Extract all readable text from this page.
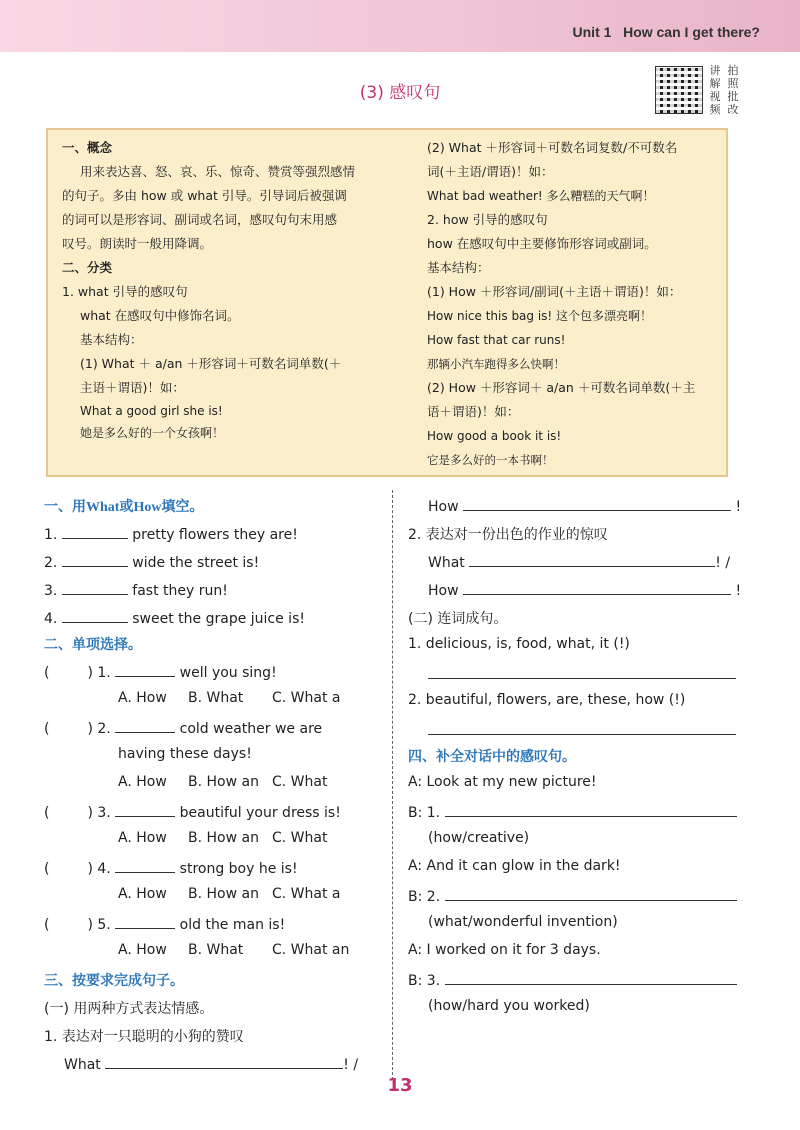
Unit 1 How can I get there?
(3) 感叹句
讲 拍
解 照
视 批
频 改
一、概念
用来表达喜、怒、哀、乐、惊奇、赞赏等强烈感情
的句子。多由 how 或 what 引导。引导词后被强调
的词可以是形容词、副词或名词，感叹句句末用感
叹号。朗读时一般用降调。
二、分类
1. what 引导的感叹句
what 在感叹句中修饰名词。
基本结构：
(1) What ＋ a/an ＋形容词＋可数名词单数(＋
主语＋谓语)！如：
What a good girl she is!
她是多么好的一个女孩啊！
(2) What ＋形容词＋可数名词复数/不可数名
词(＋主语/谓语)！如：
What bad weather! 多么糟糕的天气啊！
2. how 引导的感叹句
how 在感叹句中主要修饰形容词或副词。
基本结构：
(1) How ＋形容词/副词(＋主语＋谓语)！如：
How nice this bag is! 这个包多漂亮啊！
How fast that car runs!
那辆小汽车跑得多么快啊！
(2) How ＋形容词＋ a/an ＋可数名词单数(＋主
语＋谓语)！如：
How good a book it is!
它是多么好的一本书啊！
一、用What或How填空。
1.	pretty flowers they are!
2.	wide the street is!
3.	fast they run!
4.	sweet the grape juice is!
二、单项选择。
(	) 1.	well you sing!
A. How B. What C. What a
(	) 2.	cold weather we are
having these days!
A. How B. How an C. What
(	) 3.	beautiful your dress is!
A. How B. How an C. What
(	) 4.	strong boy he is!
A. How B. How an C. What a
(	) 5.	old the man is!
A. How B. What C. What an
三、按要求完成句子。
(一) 用两种方式表达情感。
1. 表达对一只聪明的小狗的赞叹
What	! /
How	!
2. 表达对一份出色的作业的惊叹
What	! /
How	!
(二) 连词成句。
1. delicious, is, food, what, it (!)
2. beautiful, flowers, are, these, how (!)
四、补全对话中的感叹句。
A: Look at my new picture!
B: 1.
(how/creative)
A: And it can glow in the dark!
B: 2.
(what/wonderful invention)
A: I worked on it for 3 days.
B: 3.
(how/hard you worked)
13
